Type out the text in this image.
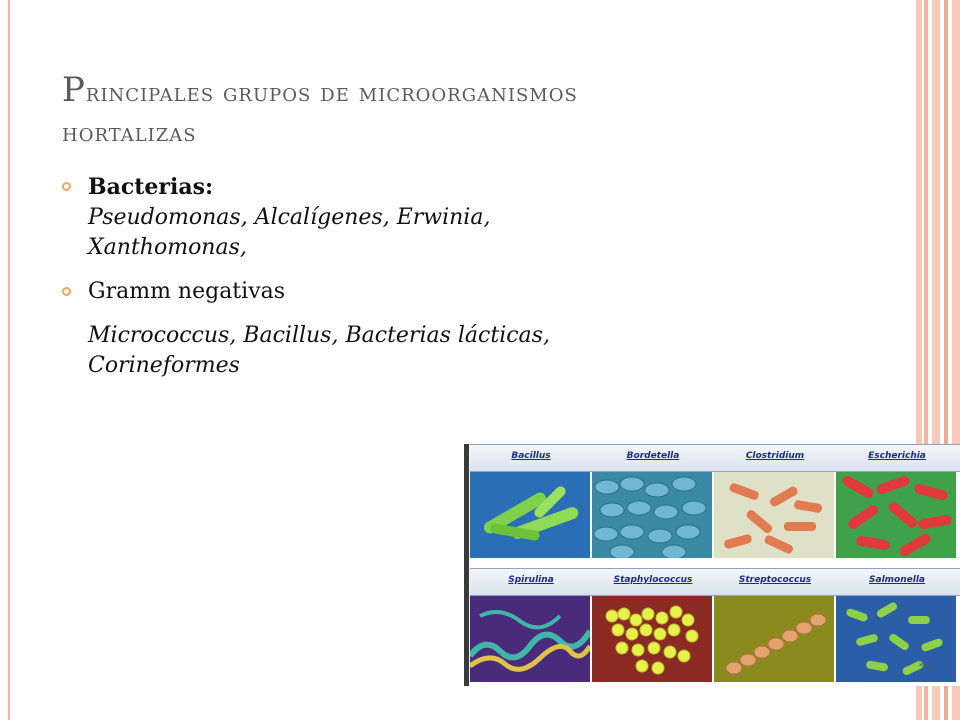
Principales grupos de microorganismos
hortalizas
Bacterias:
Pseudomonas, Alcalígenes, Erwinia,
Xanthomonas,
Gramm negativas
Micrococcus, Bacillus, Bacterias lácticas,
Corineformes
Bacillus	Bordetella	Clostridium	Escherichia
Spirulina	Staphylococcus	Streptococcus	Salmonella
* ɑ
